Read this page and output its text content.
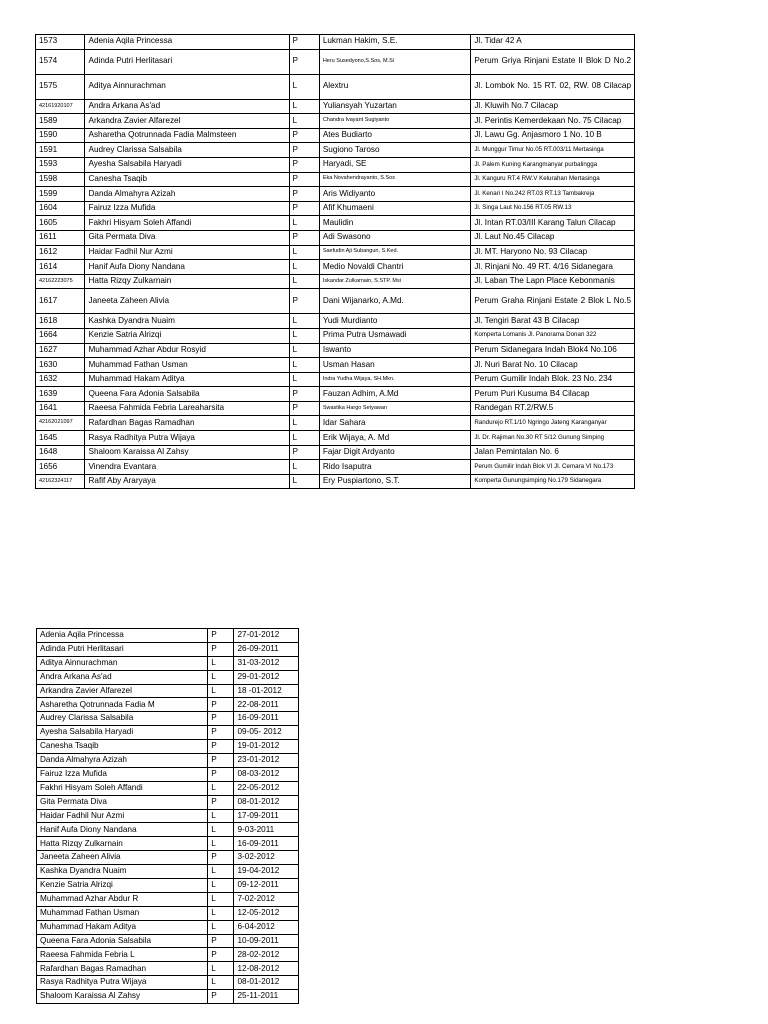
1573	Adenia Aqila Princessa	P	Lukman Hakim, S.E.	Jl. Tidar 42 A
1574	Adinda Putri Herlitasari	P	Heru Susedyono,S.Sos, M.Si	Perum Griya Rinjani Estate II Blok D No.2
1575	Aditya Ainnurachman	L	Alextru	Jl. Lombok No. 15 RT. 02, RW. 08 Cilacap
42161920107	Andra Arkana As'ad	L	Yuliansyah Yuzartan	Jl. Kluwih No.7 Cilacap
1589	Arkandra Zavier Alfarezel	L	Chandra Ivayant Sugiyanto	Jl. Perintis Kemerdekaan No. 75 Cilacap
1590	Asharetha Qotrunnada Fadia Malmsteen	P	Ates Budiarto	Jl. Lawu Gg. Anjasmoro 1 No. 10 B
1591	Audrey Clarissa Salsabila	P	Sugiono Taroso	Jl. Munggur Timur No.05 RT.003/11 Mertasinga
1593	Ayesha Salsabila Haryadi	P	Haryadi, SE	Jl. Palem Kuning Karangmanyar purbalingga
1598	Canesha Tsaqib	P	Eka Novahendrayanto, S.Sos	Jl. Kanguru RT.4 RW.V Kelurahan Mertasinga
1599	Danda Almahyra Azizah	P	Aris Widiyanto	Jl. Kenari I No.242 RT.03 RT.13 Tambakreja
1604	Fairuz Izza Mufida	P	Afif Khumaeni	Jl. Singa Laut No.156 RT.05 RW.13
1605	Fakhri Hisyam Soleh Affandi	L	Maulidin	Jl. Intan RT.03/III Karang Talun Cilacap
1611	Gita Permata Diva	P	Adi Swasono	Jl. Laut No.45 Cilacap
1612	Haidar Fadhil Nur Azmi	L	Saefudin Aji Subangun, S.Ked.	Jl. MT. Haryono No. 93 Cilacap
1614	Hanif Aufa Diony Nandana	L	Medio Novaldi Chantri	Jl. Rinjani No. 49 RT. 4/16 Sidanegara
42162223075	Hatta Rizqy Zulkarnain	L	Iskandar Zulkarnain, S.STP. Msi	Jl. Laban The Lapn Place Kebonmanis
1617	Janeeta Zaheen Alivia	P	Dani Wijanarko, A.Md.	Perum Graha Rinjani Estate 2 Blok L No.5
1618	Kashka Dyandra Nuaim	L	Yudi Murdianto	Jl. Tengiri Barat 43 B Cilacap
1664	Kenzie Satria Alrizqi	L	Prima Putra Usmawadi	Komperta Lomanis Jl. Panorama Donan 322
1627	Muhammad Azhar Abdur Rosyid	L	Iswanto	Perum Sidanegara Indah Blok4 No.106
1630	Muhammad Fathan Usman	L	Usman Hasan	Jl. Nuri Barat No. 10 Cilacap
1632	Muhammad Hakam Aditya	L	Indra Yudha Wijaya, SH.Mkn.	Perum Gumilir Indah Blok. 23 No. 234
1639	Queena Fara Adonia Salsabila	P	Fauzan Adhim, A.Md	Perum Puri Kusuma B4 Cilacap
1641	Raeesa Fahmida Febria Lareaharsita	P	Swastika Hargo Setyawan	Randegan RT.2/RW.5
42162021097	Rafardhan Bagas Ramadhan	L	Idar Sahara	Randurejo RT.1/10 Ngringo Jateng Karanganyar
1645	Rasya Radhitya Putra Wijaya	L	Erik Wijaya, A. Md	Jl. Dr. Rajiman No.30 RT 5/12 Gunung Simping
1648	Shaloom Karaissa Al Zahsy	P	Fajar Digit Ardyanto	Jalan Pemintalan No. 6
1656	Vinendra Evantara	L	Rido Isaputra	Perum Gumilir Indah Blok VI Jl. Cemara VI No.173
42162324117	Rafif Aby Araryaya	L	Ery Puspiartono, S.T.	Komperta Gunungsimping No.179 Sidanegara
Adenia Aqila Princessa	P	27-01-2012
Adinda Putri Herlitasari	P	26-09-2011
Aditya Ainnurachman	L	31-03-2012
Andra Arkana As'ad	L	29-01-2012
Arkandra Zavier Alfarezel	L	18 -01-2012
Asharetha Qotrunnada Fadia M	P	22-08-2011
Audrey Clarissa Salsabila	P	16-09-2011
Ayesha Salsabila Haryadi	P	09-05- 2012
Canesha Tsaqib	P	19-01-2012
Danda Almahyra Azizah	P	23-01-2012
Fairuz Izza Mufida	P	08-03-2012
Fakhri Hisyam Soleh Affandi	L	22-05-2012
Gita Permata Diva	P	08-01-2012
Haidar Fadhil Nur Azmi	L	17-09-2011
Hanif Aufa Diony Nandana	L	9-03-2011
Hatta Rizqy Zulkarnain	L	16-09-2011
Janeeta Zaheen Alivia	P	3-02-2012
Kashka Dyandra Nuaim	L	19-04-2012
Kenzie Satria Alrizqi	L	09-12-2011
Muhammad Azhar Abdur R	L	7-02-2012
Muhammad Fathan Usman	L	12-05-2012
Muhammad Hakam Aditya	L	6-04-2012
Queena Fara Adonia Salsabila	P	10-09-2011
Raeesa Fahmida Febria L	P	28-02-2012
Rafardhan Bagas Ramadhan	L	12-08-2012
Rasya Radhitya Putra Wijaya	L	08-01-2012
Shaloom Karaissa Al Zahsy	P	25-11-2011
